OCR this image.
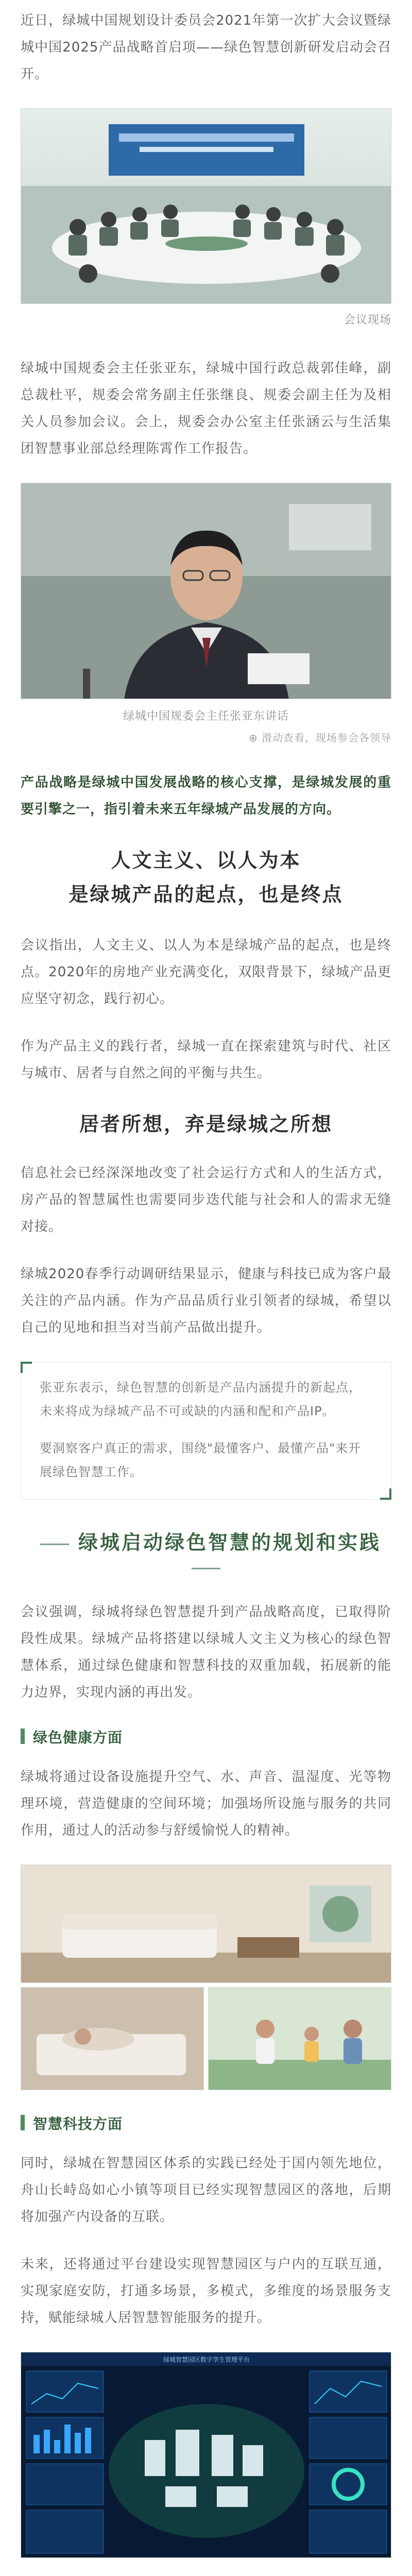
近日，绿城中国规划设计委员会2021年第一次扩大会议暨绿城中国2025产品战略首启项——绿色智慧创新研发启动会召开。

会议现场

绿城中国规委会主任张亚东，绿城中国行政总裁郭佳峰，副总裁杜平，规委会常务副主任张继良、规委会副主任为及相关人员参加会议。会上，规委会办公室主任张涵云与生活集团智慧事业部总经理陈霄作工作报告。

绿城中国规委会主任张亚东讲话
⊕ 滑动查看，现场参会各领导

产品战略是绿城中国发展战略的核心支撑，是绿城发展的重要引擎之一，指引着未来五年绿城产品发展的方向。

人文主义、以人为本
是绿城产品的起点，也是终点

会议指出，人文主义、以人为本是绿城产品的起点，也是终点。2020年的房地产业充满变化，双限背景下，绿城产品更应坚守初念，践行初心。

作为产品主义的践行者，绿城一直在探索建筑与时代、社区与城市、居者与自然之间的平衡与共生。

居者所想，弃是绿城之所想

信息社会已经深深地改变了社会运行方式和人的生活方式，房产品的智慧属性也需要同步迭代能与社会和人的需求无缝对接。

绿城2020春季行动调研结果显示，健康与科技已成为客户最关注的产品内涵。作为产品品质行业引领者的绿城，希望以自己的见地和担当对当前产品做出提升。

张亚东表示，绿色智慧的创新是产品内涵提升的新起点，未来将成为绿城产品不可或缺的内涵和配和产品IP。

要洞察客户真正的需求，围绕"最懂客户、最懂产品"来开展绿色智慧工作。

绿城启动绿色智慧的规划和实践

会议强调，绿城将绿色智慧提升到产品战略高度，已取得阶段性成果。绿城产品将搭建以绿城人文主义为核心的绿色智慧体系，通过绿色健康和智慧科技的双重加载，拓展新的能力边界，实现内涵的再出发。

绿色健康方面

绿城将通过设备设施提升空气、水、声音、温湿度、光等物理环境，营造健康的空间环境；加强场所设施与服务的共同作用，通过人的活动参与舒缓愉悦人的精神。

智慧科技方面

同时，绿城在智慧园区体系的实践已经处于国内领先地位，舟山长峙岛如心小镇等项目已经实现智慧园区的落地，后期将加强产内设备的互联。

未来，还将通过平台建设实现智慧园区与户内的互联互通，实现家庭安防，打通多场景，多模式，多维度的场景服务支持，赋能绿城人居智慧智能服务的提升。

绿城智慧园区数字孪生管理平台
